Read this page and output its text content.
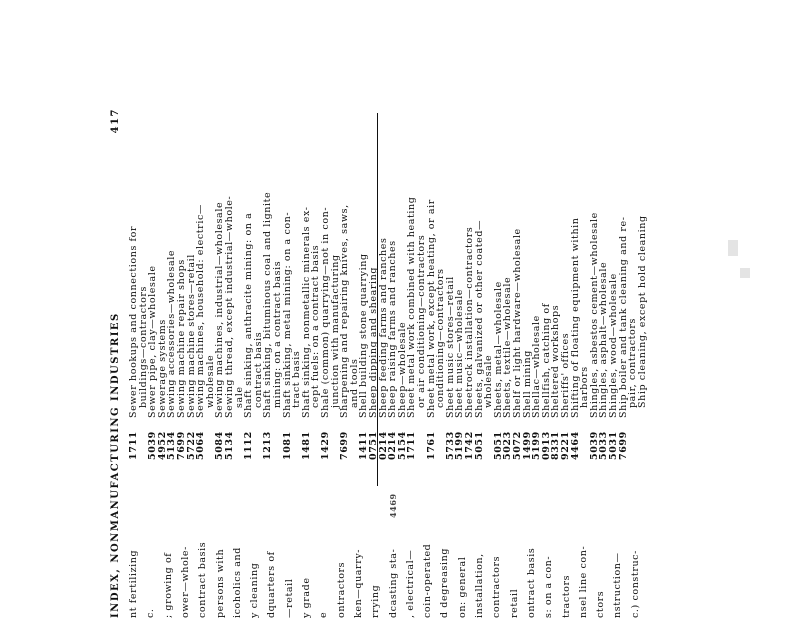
INDEX, NONMANUFACTURING INDUSTRIES
417
nt fertilizing c. ; growing of ower—whole- contract basis persons with icoholics and y cleaning dquarters of —retail y grade e ontractors ken—quarry- rrying dcasting sta- , electrical— coin-operated d degreasing on: general installation, contractors retail ontract basis s: on a con- tractors nsel line con- ctors nstruction— c.) construc-
4469
1711 5039
4952
5134
7699
5722
5064 5084
5134 1112 1213 1081 1481 1429 7699 1411
0751
0214
0214
5154
1711 1761 5733
5199
1742
5051 5051
5023
5072
1499
5199
0913
8331
9221
4464 5039
5033
5031
7699
Sewer hookups and connections for
buildings—contractors
Sewer pipe, clay—wholesale
Sewerage systems
Sewing accessories—wholesale
Sewing machine repair shops
Sewing machine stores—retail
Sewing machines, household: electric—
wholesale
Sewing machines, industrial—wholesale
Sewing thread, except industrial—whole-
sale
Shaft sinking, anthracite mining: on a
contract basis
Shaft sinking, bituminous coal and lignite
mining: on a contract basis
Shaft sinking, metal mining: on a con-
tract basis
Shaft sinking, nonmetallic minerals ex-
cept fuels: on a contract basis
Shale (common) quarrying—not in con-
junction with manufacturing
Sharpening and repairing knives, saws,
and tools
Shell building stone quarrying
Sheep dipping and shearing
Sheep feeding farms and ranches
Sheep raising farms and ranches
Sheep—wholesale
Sheet metal work combined with heating
or air conditioning—contractors
Sheet metal work, except heating, or air
conditioning—contractors
Sheet music stores—retail
Sheet music—wholesale
Sheetrock installation—contractors
Sheets, galvanized or other coated—
wholesale
Sheets, metal—wholesale
Sheets, textile—wholesale
Shelf or light hardware—wholesale
Shell mining
Shellac—wholesale
Shellfish, catching of
Sheltered workshops
Sheriffs' offices
Shifting of floating equipment within
harbors
Shingles, asbestos cement—wholesale
Shingles, asphalt—wholesale
Shingles, wood—wholesale
Ship boiler and tank cleaning and re-
pair, contractors
Ship cleaning, except hold cleaning
